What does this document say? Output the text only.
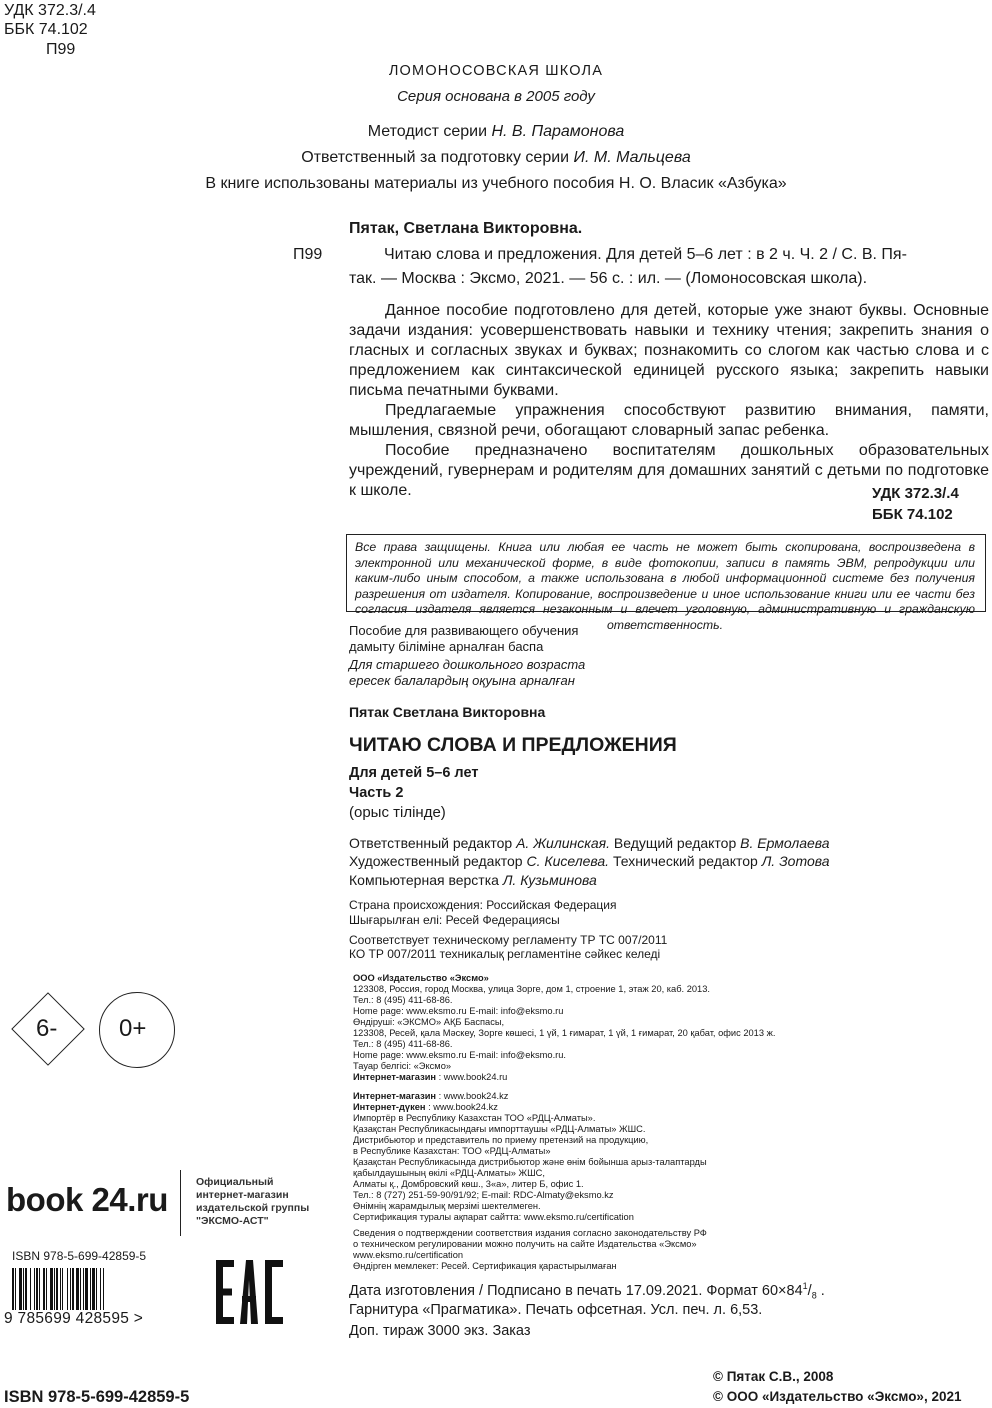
УДК 372.3/.4
ББК 74.102
П99
ЛОМОНОСОВСКАЯ ШКОЛА
Серия основана в 2005 году
Методист серии Н. В. Парамонова
Ответственный за подготовку серии И. М. Мальцева
В книге использованы материалы из учебного пособия Н. О. Власик «Азбука»
Пятак, Светлана Викторовна.
П99	Читаю слова и предложения. Для детей 5–6 лет : в 2 ч. Ч. 2 / С. В. Пя-
так. — Москва : Эксмо, 2021. — 56 с. : ил. — (Ломоносовская школа).

Данное пособие подготовлено для детей, которые уже знают буквы. Основные задачи издания: усовершенствовать навыки и технику чтения; закрепить знания о гласных и согласных звуках и буквах; познакомить со слогом как частью слова и с предложением как синтаксической единицей русского языка; закрепить навыки письма печатными буквами.

Предлагаемые упражнения способствуют развитию внимания, памяти, мышления, связной речи, обогащают словарный запас ребенка.

Пособие предназначено воспитателям дошкольных образовательных учреждений, гувернерам и родителям для домашних занятий с детьми по подготовке к школе.	УДК 372.3/.4
ББК 74.102
Все права защищены. Книга или любая ее часть не может быть скопирована, воспроизведена в электронной или механической форме, в виде фотокопии, записи в память ЭВМ, репродукции или каким-либо иным способом, а также использована в любой информационной системе без получения разрешения от издателя. Копирование, воспроизведение и иное использование книги или ее части без согласия издателя является незаконным и влечет уголовную, административную и гражданскую ответственность.
Пособие для развивающего обучения
дамыту біліміне арналған баспа
Для старшего дошкольного возраста
ересек балалардың оқуына арналған
Пятак Светлана Викторовна
ЧИТАЮ СЛОВА И ПРЕДЛОЖЕНИЯ
Для детей 5–6 лет
Часть 2
(орыс тілінде)
Ответственный редактор А. Жилинская. Ведущий редактор В. Ермолаева
Художественный редактор С. Киселева. Технический редактор Л. Зотова
Компьютерная верстка Л. Кузьминова
Страна происхождения: Российская Федерация
Шығарылған елі: Ресей Федерациясы
Соответствует техническому регламенту ТР ТС 007/2011
КО ТР 007/2011 техникалық регламентіне сәйкес келеді
ООО «Издательство «Эксмо»
123308, Россия, город Москва, улица Зорге, дом 1, строение 1, этаж 20, каб. 2013.
Тел.: 8 (495) 411-68-86.
Home page: www.eksmo.ru E-mail: info@eksmo.ru
Өндіруші: «ЭКСМО» АҚБ Баспасы,
123308, Ресей, қала Мәскеу, Зорге көшесі, 1 үй, 1 ғимарат, 1 үй, 1 ғимарат, 20 қабат, офис 2013 ж.
Тел.: 8 (495) 411-68-86.
Home page: www.eksmo.ru E-mail: info@eksmo.ru.
Тауар белгісі: «Эксмо»
Интернет-магазин : www.book24.ru
Интернет-магазин : www.book24.kz
Интернет-дүкен : www.book24.kz
Импортёр в Республику Казахстан ТОО «РДЦ-Алматы».
Қазақстан Республикасындағы импорттаушы «РДЦ-Алматы» ЖШС.
Дистрибьютор и представитель по приему претензий на продукцию,
в Республике Казахстан: ТОО «РДЦ-Алматы»
Қазақстан Республикасында дистрибьютор және өнім бойынша арыз-талаптарды
қабылдаушының өкілі «РДЦ-Алматы» ЖШС,
Алматы қ., Домбровский көш., 3«а», литер Б, офис 1.
Тел.: 8 (727) 251-59-90/91/92; E-mail: RDC-Almaty@eksmo.kz
Өнімнің жарамдылық мерзімі шектелмеген.
Сертификация туралы ақпарат сайтта: www.eksmo.ru/certification
Сведения о подтверждении соответствия издания согласно законодательству РФ
о техническом регулировании можно получить на сайте Издательства «Эксмо»
www.eksmo.ru/certification
Өндірген мемлекет: Ресей. Сертификация қарастырылмаған
Дата изготовления / Подписано в печать 17.09.2021. Формат $60\times 84^1/_8$ .
Гарнитура «Прагматика». Печать офсетная. Усл. печ. л. 6,53.
Доп. тираж 3000 экз. Заказ
6-	0+
book 24.ru	Официальный
интернет-магазин
издательской группы
"ЭКСМО-АСТ"
ISBN 978-5-699-42859-5
9 785699 428595 >
ISBN 978-5-699-42859-5
© Пятак С.В., 2008
© ООО «Издательство «Эксмо», 2021
